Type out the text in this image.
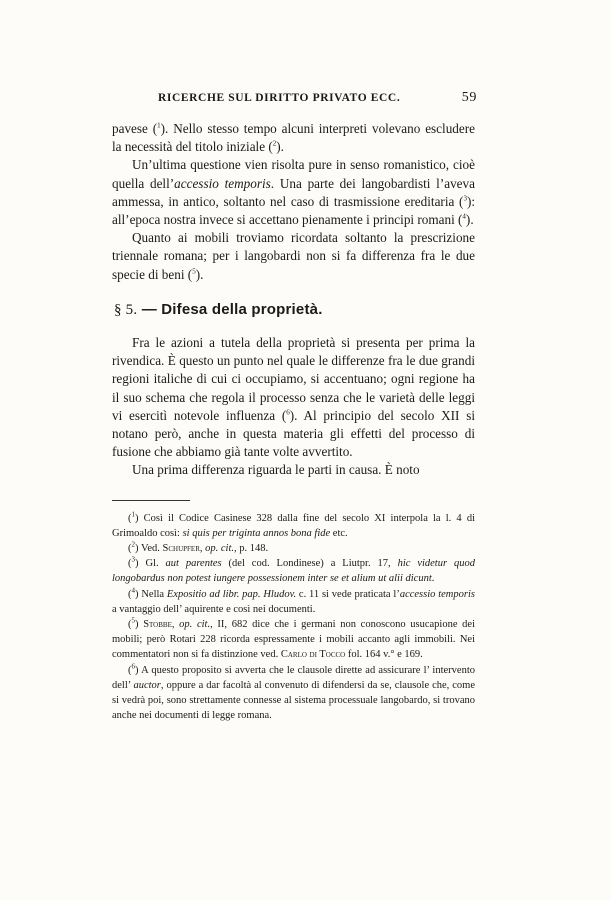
RICERCHE SUL DIRITTO PRIVATO ECC.	59

pavese ($^1$). Nello stesso tempo alcuni interpreti volevano escludere la necessità del titolo iniziale ($^2$).

Un’ultima questione vien risolta pure in senso romanistico, cioè quella dell’accessio temporis. Una parte dei langobardisti l’aveva ammessa, in antico, soltanto nel caso di trasmissione ereditaria ($^3$): all’epoca nostra invece si accettano pienamente i principi romani ($^4$).

Quanto ai mobili troviamo ricordata soltanto la prescrizione triennale romana; per i langobardi non si fa differenza fra le due specie di beni ($^5$).

§ 5. — Difesa della proprietà.

Fra le azioni a tutela della proprietà si presenta per prima la rivendica. È questo un punto nel quale le differenze fra le due grandi regioni italiche di cui ci occupiamo, si accentuano; ogni regione ha il suo schema che regola il processo senza che le varietà delle leggi vi esercitì notevole influenza ($^6$). Al principio del secolo XII si notano però, anche in questa materia gli effetti del processo di fusione che abbiamo già tante volte avvertito.

Una prima differenza riguarda le parti in causa. È noto

($^1$) Così il Codice Casinese 328 dalla fine del secolo XI interpola la l. 4 di Grimoaldo così: si quis per triginta annos bona fide etc.

($^2$) Ved. Schupfer, op. cit., p. 148.

($^3$) Gl. aut parentes (del cod. Londinese) a Liutpr. 17, hic videtur quod longobardus non potest iungere possessionem inter se et alium ut alii dicunt.

($^4$) Nella Expositio ad libr. pap. Hludov. c. 11 si vede praticata l’accessio temporis a vantaggio dell’ aquirente e così nei documenti.

($^5$) Stobbe, op. cit., II, 682 dice che i germani non conoscono usucapione dei mobili; però Rotari 228 ricorda espressamente i mobili accanto agli immobili. Nei commentatori non si fa distinzione ved. Carlo di Tocco fol. 164 v.° e 169.

($^6$) A questo proposito si avverta che le clausole dirette ad assicurare l’ intervento dell’ auctor, oppure a dar facoltà al convenuto di difendersi da se, clausole che, come si vedrà poi, sono strettamente connesse al sistema processuale langobardo, si trovano anche nei documenti di legge romana.
